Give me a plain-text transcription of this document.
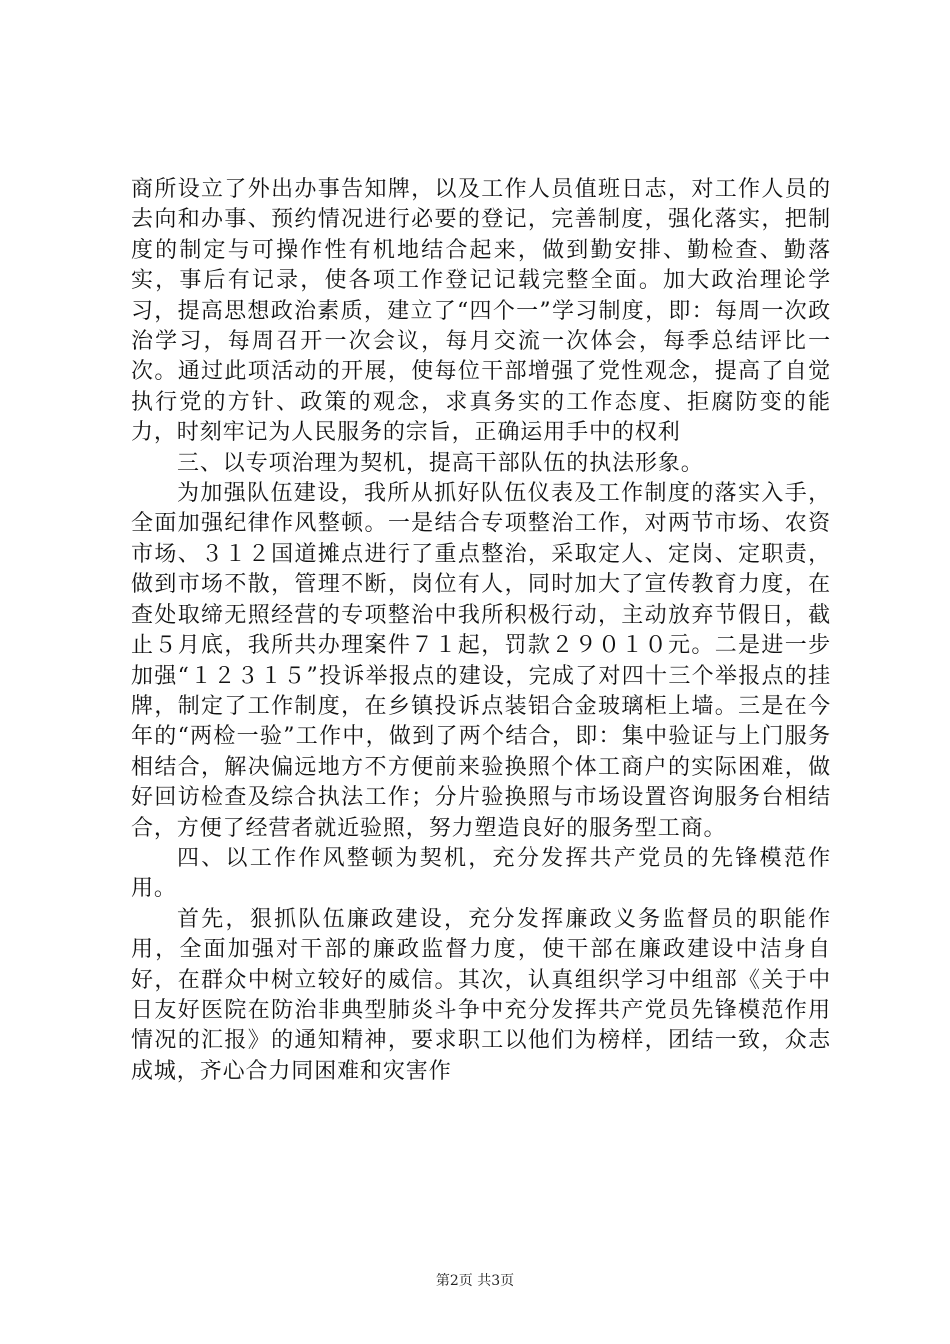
商所设立了外出办事告知牌，以及工作人员值班日志，对工作人员的去向和办事、预约情况进行必要的登记，完善制度，强化落实，把制度的制定与可操作性有机地结合起来，做到勤安排、勤检查、勤落实，事后有记录，使各项工作登记记载完整全面。加大政治理论学习，提高思想政治素质，建立了“四个一”学习制度，即：每周一次政治学习，每周召开一次会议，每月交流一次体会，每季总结评比一次。通过此项活动的开展，使每位干部增强了党性观念，提高了自觉执行党的方针、政策的观念，求真务实的工作态度、拒腐防变的能力，时刻牢记为人民服务的宗旨，正确运用手中的权利

三、以专项治理为契机，提高干部队伍的执法形象。

为加强队伍建设，我所从抓好队伍仪表及工作制度的落实入手，全面加强纪律作风整顿。一是结合专项整治工作，对两节市场、农资市场、３１２国道摊点进行了重点整治，采取定人、定岗、定职责，做到市场不散，管理不断，岗位有人，同时加大了宣传教育力度，在查处取缔无照经营的专项整治中我所积极行动，主动放弃节假日，截止５月底，我所共办理案件７１起，罚款２９０１０元。二是进一步加强“１２３１５”投诉举报点的建设，完成了对四十三个举报点的挂牌，制定了工作制度，在乡镇投诉点装铝合金玻璃柜上墙。三是在今年的“两检一验”工作中，做到了两个结合，即：集中验证与上门服务相结合，解决偏远地方不方便前来验换照个体工商户的实际困难，做好回访检查及综合执法工作；分片验换照与市场设置咨询服务台相结合，方便了经营者就近验照，努力塑造良好的服务型工商。

四、以工作作风整顿为契机，充分发挥共产党员的先锋模范作用。

首先，狠抓队伍廉政建设，充分发挥廉政义务监督员的职能作用，全面加强对干部的廉政监督力度，使干部在廉政建设中洁身自好，在群众中树立较好的威信。其次，认真组织学习中组部《关于中日友好医院在防治非典型肺炎斗争中充分发挥共产党员先锋模范作用情况的汇报》的通知精神，要求职工以他们为榜样，团结一致，众志成城，齐心合力同困难和灾害作

第2页 共3页
